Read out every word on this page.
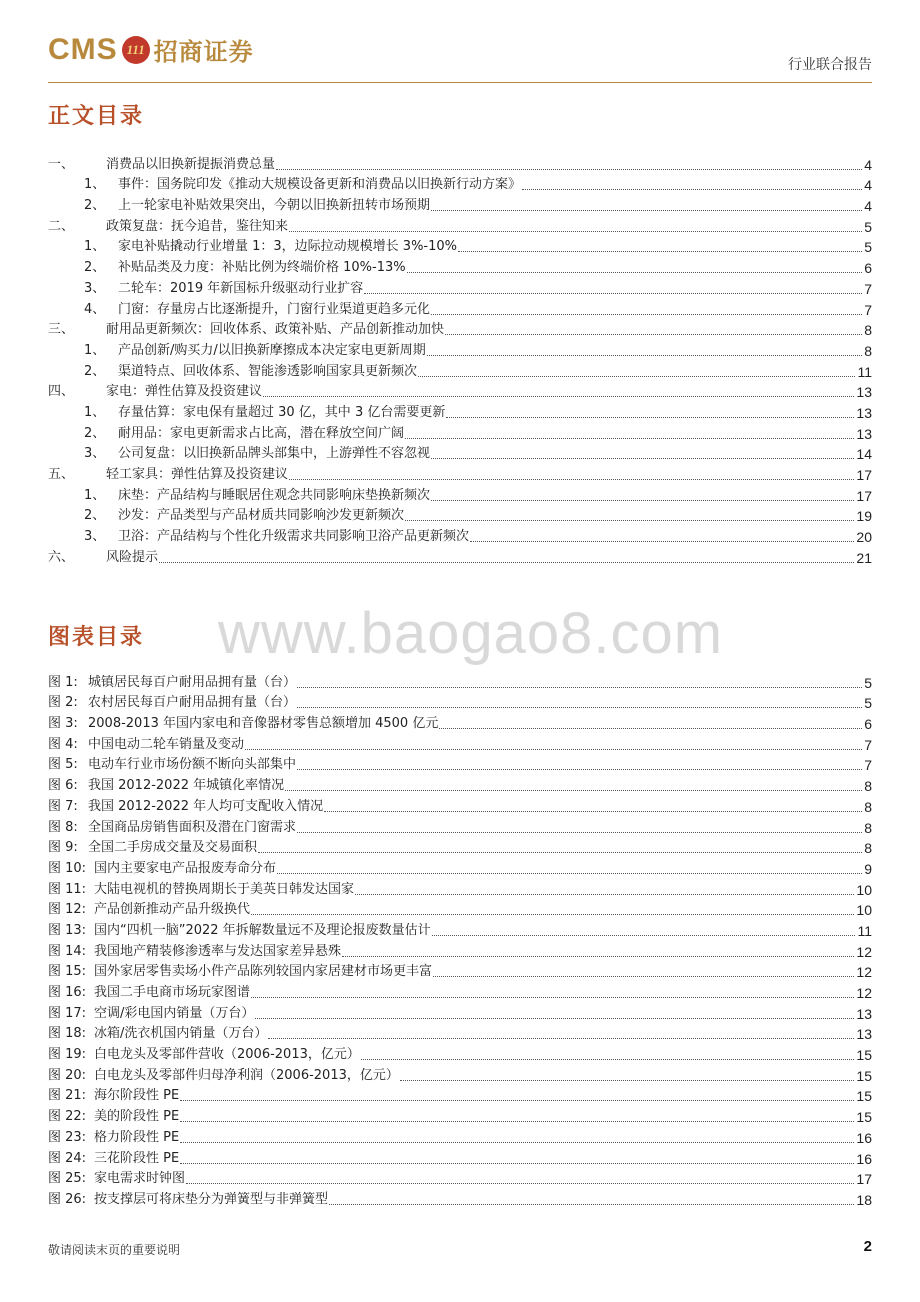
CMS 111 招商证券	行业联合报告
正文目录
一、 消费品以旧换新提振消费总量	4
1、 事件：国务院印发《推动大规模设备更新和消费品以旧换新行动方案》	4
2、 上一轮家电补贴效果突出，今朝以旧换新扭转市场预期	4
二、 政策复盘：抚今追昔，鉴往知来	5
1、 家电补贴撬动行业增量 1：3，边际拉动规模增长 3%-10%	5
2、 补贴品类及力度：补贴比例为终端价格 10%-13%	6
3、 二轮车：2019 年新国标升级驱动行业扩容	7
4、 门窗：存量房占比逐渐提升，门窗行业渠道更趋多元化	7
三、 耐用品更新频次：回收体系、政策补贴、产品创新推动加快	8
1、 产品创新/购买力/以旧换新摩擦成本决定家电更新周期	8
2、 渠道特点、回收体系、智能渗透影响国家具更新频次	11
四、 家电：弹性估算及投资建议	13
1、 存量估算：家电保有量超过 30 亿，其中 3 亿台需要更新	13
2、 耐用品：家电更新需求占比高，潜在释放空间广阔	13
3、 公司复盘：以旧换新品牌头部集中，上游弹性不容忽视	14
五、 轻工家具：弹性估算及投资建议	17
1、 床垫：产品结构与睡眠居住观念共同影响床垫换新频次	17
2、 沙发：产品类型与产品材质共同影响沙发更新频次	19
3、 卫浴：产品结构与个性化升级需求共同影响卫浴产品更新频次	20
六、 风险提示	21
www.baogao8.com
图表目录
图 1: 城镇居民每百户耐用品拥有量（台）	5
图 2: 农村居民每百户耐用品拥有量（台）	5
图 3: 2008-2013 年国内家电和音像器材零售总额增加 4500 亿元	6
图 4: 中国电动二轮车销量及变动	7
图 5: 电动车行业市场份额不断向头部集中	7
图 6: 我国 2012-2022 年城镇化率情况	8
图 7: 我国 2012-2022 年人均可支配收入情况	8
图 8: 全国商品房销售面积及潜在门窗需求	8
图 9: 全国二手房成交量及交易面积	8
图 10: 国内主要家电产品报废寿命分布	9
图 11: 大陆电视机的替换周期长于美英日韩发达国家	10
图 12: 产品创新推动产品升级换代	10
图 13: 国内“四机一脑”2022 年拆解数量远不及理论报废数量估计	11
图 14: 我国地产精装修渗透率与发达国家差异悬殊	12
图 15: 国外家居零售卖场小件产品陈列较国内家居建材市场更丰富	12
图 16: 我国二手电商市场玩家图谱	12
图 17: 空调/彩电国内销量（万台）	13
图 18: 冰箱/洗衣机国内销量（万台）	13
图 19: 白电龙头及零部件营收（2006-2013，亿元）	15
图 20: 白电龙头及零部件归母净利润（2006-2013，亿元）	15
图 21: 海尔阶段性 PE	15
图 22: 美的阶段性 PE	15
图 23: 格力阶段性 PE	16
图 24: 三花阶段性 PE	16
图 25: 家电需求时钟图	17
图 26: 按支撑层可将床垫分为弹簧型与非弹簧型	18
敬请阅读末页的重要说明	2
